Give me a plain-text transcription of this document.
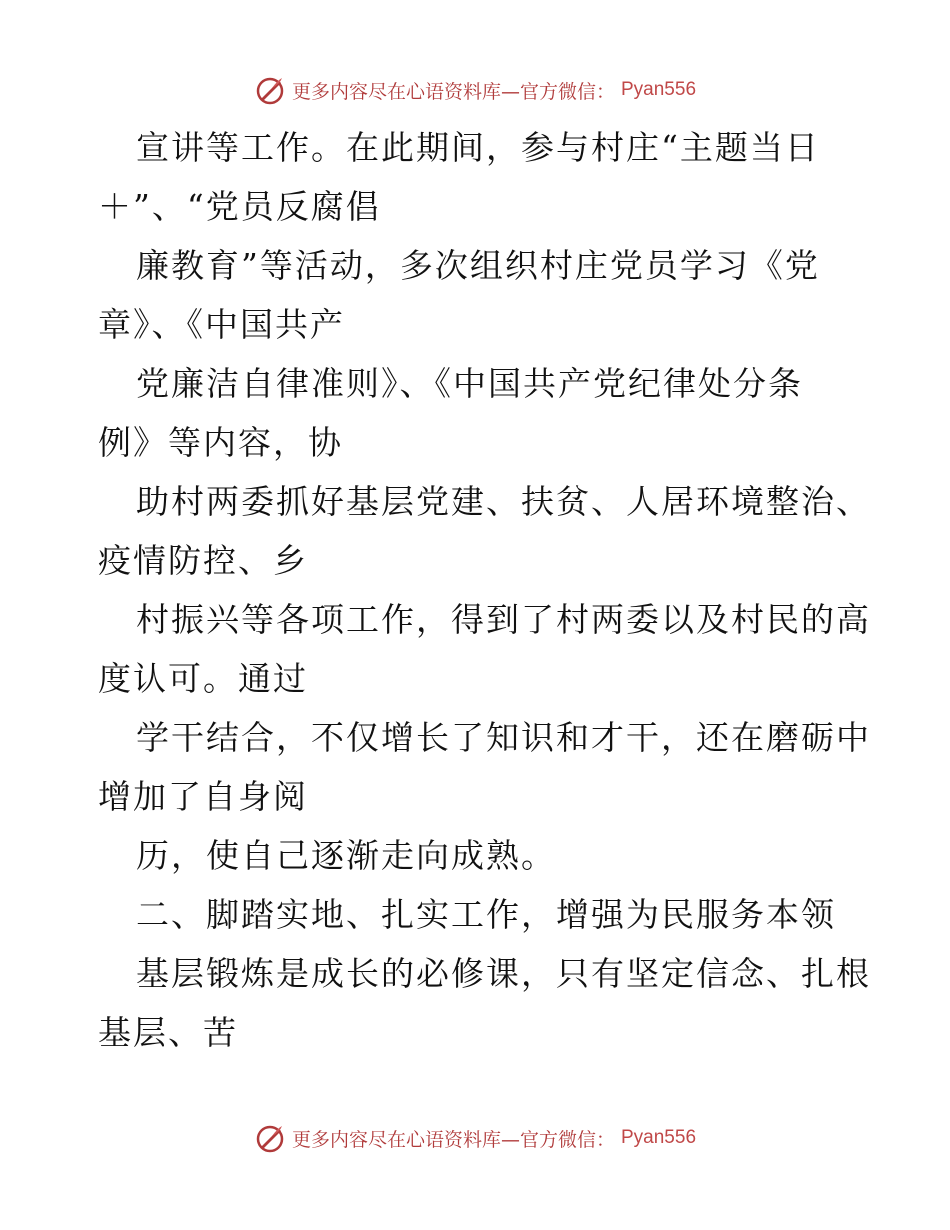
更多内容尽在心语资料库—官方微信： Pyan556
宣讲等工作。在此期间，参与村庄“主题当日
＋”、“党员反腐倡
廉教育”等活动，多次组织村庄党员学习《党
章》、《中国共产
党廉洁自律准则》、《中国共产党纪律处分条
例》等内容，协
助村两委抓好基层党建、扶贫、人居环境整治、
疫情防控、乡
村振兴等各项工作，得到了村两委以及村民的高
度认可。通过
学干结合，不仅增长了知识和才干，还在磨砺中
增加了自身阅
历，使自己逐渐走向成熟。
二、脚踏实地、扎实工作，增强为民服务本领
基层锻炼是成长的必修课，只有坚定信念、扎根
基层、苦
更多内容尽在心语资料库—官方微信： Pyan556
